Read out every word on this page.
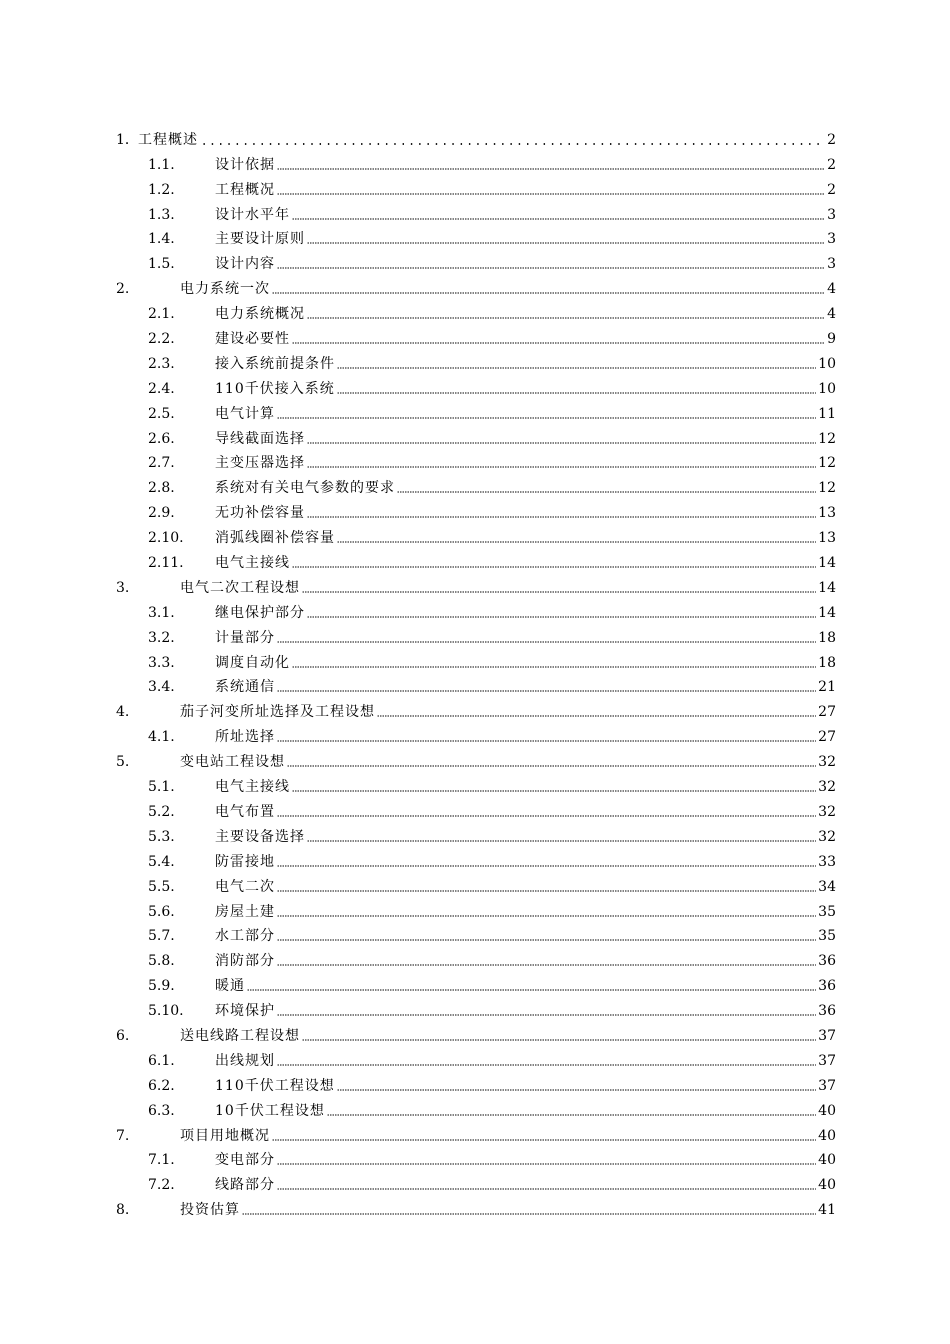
1． 工程概述	2
1.1.	设计依据	2
1.2.	工程概况	2
1.3.	设计水平年	3
1.4.	主要设计原则	3
1.5.	设计内容	3
2.	电力系统一次	4
2.1.	电力系统概况	4
2.2.	建设必要性	9
2.3.	接入系统前提条件	10
2.4.	110千伏接入系统	10
2.5.	电气计算	11
2.6.	导线截面选择	12
2.7.	主变压器选择	12
2.8.	系统对有关电气参数的要求	12
2.9.	无功补偿容量	13
2.10.	消弧线圈补偿容量	13
2.11.	电气主接线	14
3.	电气二次工程设想	14
3.1.	继电保护部分	14
3.2.	计量部分	18
3.3.	调度自动化	18
3.4.	系统通信	21
4.	茄子河变所址选择及工程设想	27
4.1.	所址选择	27
5.	变电站工程设想	32
5.1.	电气主接线	32
5.2.	电气布置	32
5.3.	主要设备选择	32
5.4.	防雷接地	33
5.5.	电气二次	34
5.6.	房屋土建	35
5.7.	水工部分	35
5.8.	消防部分	36
5.9.	暖通	36
5.10.	环境保护	36
6.	送电线路工程设想	37
6.1.	出线规划	37
6.2.	110千伏工程设想	37
6.3.	10千伏工程设想	40
7.	项目用地概况	40
7.1.	变电部分	40
7.2.	线路部分	40
8.	投资估算	41
